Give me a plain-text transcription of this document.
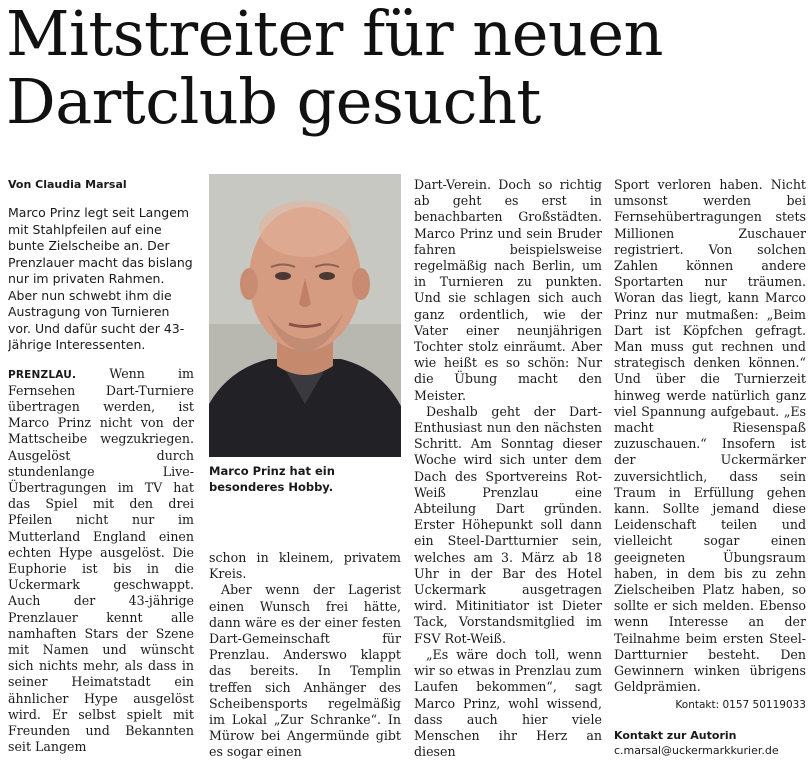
Mitstreiter für neuen
Dartclub gesucht

Von Claudia Marsal

Marco Prinz legt seit Langem mit Stahlpfeilen auf eine bunte Zielscheibe an. Der Prenzlauer macht das bislang nur im privaten Rahmen. Aber nun schwebt ihm die Austragung von Turnieren vor. Und dafür sucht der 43-Jährige Interessenten.

PRENZLAU. Wenn im Fernsehen Dart-Turniere übertragen werden, ist Marco Prinz nicht von der Mattscheibe wegzukriegen. Ausgelöst durch stundenlange Live-Übertragungen im TV hat das Spiel mit den drei Pfeilen nicht nur im Mutterland England einen echten Hype ausgelöst. Die Euphorie ist bis in die Uckermark geschwappt. Auch der 43-jährige Prenzlauer kennt alle namhaften Stars der Szene mit Namen und wünscht sich nichts mehr, als dass in seiner Heimatstadt ein ähnlicher Hype ausgelöst wird. Er selbst spielt mit Freunden und Bekannten seit Langem

Marco Prinz hat ein besonderes Hobby.

schon in kleinem, privatem Kreis.

Aber wenn der Lagerist einen Wunsch frei hätte, dann wäre es der einer festen Dart-Gemeinschaft für Prenzlau. Anderswo klappt das bereits. In Templin treffen sich Anhänger des Scheibensports regelmäßig im Lokal „Zur Schranke“. In Mürow bei Angermünde gibt es sogar einen

Dart-Verein. Doch so richtig ab geht es erst in benachbarten Großstädten. Marco Prinz und sein Bruder fahren beispielsweise regelmäßig nach Berlin, um in Turnieren zu punkten. Und sie schlagen sich auch ganz ordentlich, wie der Vater einer neunjährigen Tochter stolz einräumt. Aber wie heißt es so schön: Nur die Übung macht den Meister.

Deshalb geht der Dart-Enthusiast nun den nächsten Schritt. Am Sonntag dieser Woche wird sich unter dem Dach des Sportvereins Rot-Weiß Prenzlau eine Abteilung Dart gründen. Erster Höhepunkt soll dann ein Steel-Dartturnier sein, welches am 3. März ab 18 Uhr in der Bar des Hotel Uckermark ausgetragen wird. Mitinitiator ist Dieter Tack, Vorstandsmitglied im FSV Rot-Weiß.

„Es wäre doch toll, wenn wir so etwas in Prenzlau zum Laufen bekommen“, sagt Marco Prinz, wohl wissend, dass auch hier viele Menschen ihr Herz an diesen

Sport verloren haben. Nicht umsonst werden bei Fernsehübertragungen stets Millionen Zuschauer registriert. Von solchen Zahlen können andere Sportarten nur träumen. Woran das liegt, kann Marco Prinz nur mutmaßen: „Beim Dart ist Köpfchen gefragt. Man muss gut rechnen und strategisch denken können.“ Und über die Turnierzeit hinweg werde natürlich ganz viel Spannung aufgebaut. „Es macht Riesenspaß zuzuschauen.“ Insofern ist der Uckermärker zuversichtlich, dass sein Traum in Erfüllung gehen kann. Sollte jemand diese Leidenschaft teilen und vielleicht sogar einen geeigneten Übungsraum haben, in dem bis zu zehn Zielscheiben Platz haben, so sollte er sich melden. Ebenso wenn Interesse an der Teilnahme beim ersten Steel-Dartturnier besteht. Den Gewinnern winken übrigens Geldprämien.

Kontakt: 0157 50119033

Kontakt zur Autorin

c.marsal@uckermarkkurier.de
